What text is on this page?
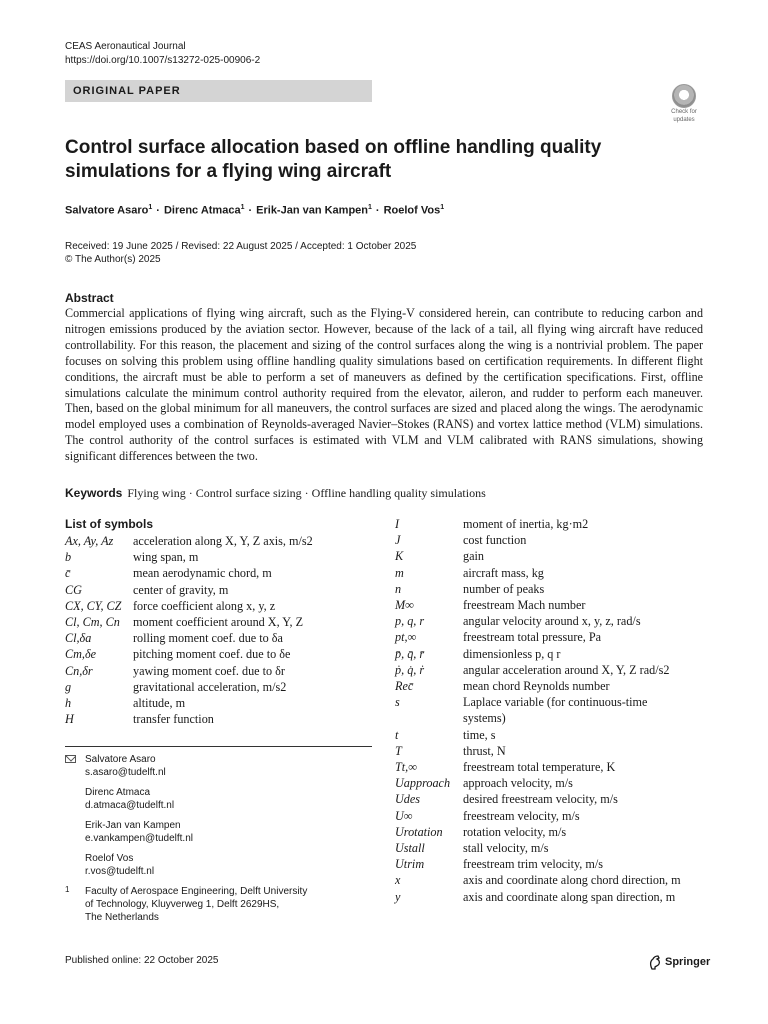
CEAS Aeronautical Journal
https://doi.org/10.1007/s13272-025-00906-2
ORIGINAL PAPER
Check for
updates
Control surface allocation based on offline handling quality simulations for a flying wing aircraft
Salvatore Asaro$^1$ · Direnc Atmaca$^1$ · Erik-Jan van Kampen$^1$ · Roelof Vos$^1$
Received: 19 June 2025 / Revised: 22 August 2025 / Accepted: 1 October 2025
© The Author(s) 2025
Abstract

Commercial applications of flying wing aircraft, such as the Flying-V considered herein, can contribute to reducing carbon and nitrogen emissions produced by the aviation sector. However, because of the lack of a tail, all flying wing aircraft have reduced controllability. For this reason, the placement and sizing of the control surfaces along the wing is a nontrivial problem. The paper focuses on solving this problem using offline handling quality simulations based on certification requirements. In different flight conditions, the aircraft must be able to perform a set of maneuvers as defined by the certification specifications. First, offline simulations calculate the minimum control authority required from the elevator, aileron, and rudder to perform each maneuver. Then, based on the global minimum for all maneuvers, the control surfaces are sized and placed along the wings. The aerodynamic model employed uses a combination of Reynolds-averaged Navier–Stokes (RANS) and vortex lattice method (VLM) simulations. The control authority of the control surfaces is estimated with VLM and VLM calibrated with RANS simulations, showing significant differences between the two.

Keywords Flying wing · Control surface sizing · Offline handling quality simulations
List of symbols
Ax, Ay, Az acceleration along X, Y, Z axis, m/s2
b	wing span, m
c̄	mean aerodynamic chord, m
CG	center of gravity, m
CX, CY, CZ force coefficient along x, y, z
Cl, Cm, Cn moment coefficient around X, Y, Z
Cl,δa	rolling moment coef. due to δa
Cm,δe	pitching moment coef. due to δe
Cn,δr	yawing moment coef. due to δr
g	gravitational acceleration, m/s2
h	altitude, m
H	transfer function
I	moment of inertia, kg·m2
J	cost function
K	gain
m	aircraft mass, kg
n	number of peaks
M∞	freestream Mach number
p, q, r	angular velocity around x, y, z, rad/s
pt,∞	freestream total pressure, Pa
p̄, q̄, r̄	dimensionless p, q r
ṗ, q̇, ṙ	angular acceleration around X, Y, Z rad/s2
Rec̄	mean chord Reynolds number
s	Laplace variable (for continuous-time
systems)
t	time, s
T	thrust, N
Tt,∞	freestream total temperature, K
Uapproach approach velocity, m/s
Udes	desired freestream velocity, m/s
U∞	freestream velocity, m/s
Urotation rotation velocity, m/s
Ustall	stall velocity, m/s
Utrim	freestream trim velocity, m/s
x	axis and coordinate along chord direction, m
y	axis and coordinate along span direction, m
Salvatore Asaro
s.asaro@tudelft.nl
Direnc Atmaca
d.atmaca@tudelft.nl
Erik-Jan van Kampen
e.vankampen@tudelft.nl
Roelof Vos
r.vos@tudelft.nl
1 Faculty of Aerospace Engineering, Delft University
of Technology, Kluyverweg 1, Delft 2629HS,
The Netherlands
Published online: 22 October 2025	Springer
